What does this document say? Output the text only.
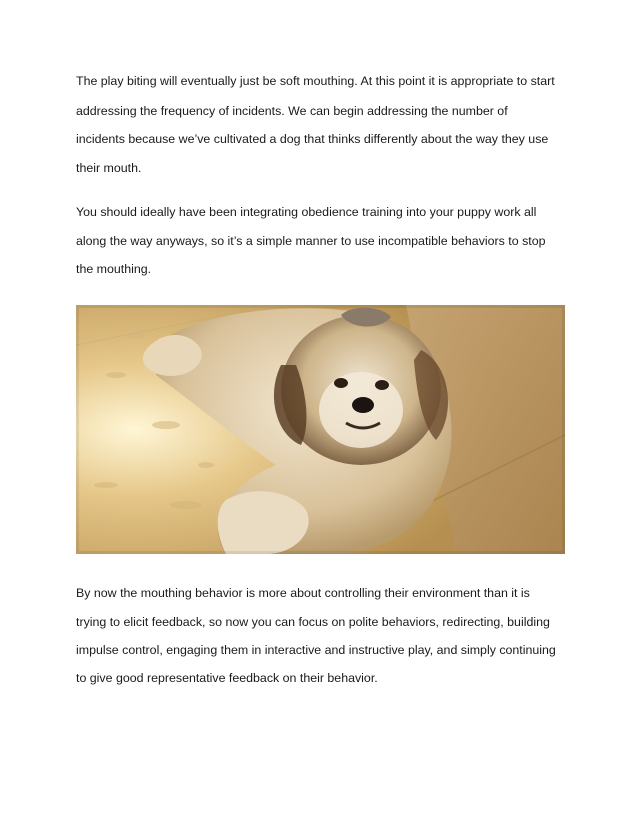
The play biting will eventually just be soft mouthing. At this point it is appropriate to start
addressing the frequency of incidents. We can begin addressing the number of
incidents because we’ve cultivated a dog that thinks differently about the way they use
their mouth.
You should ideally have been integrating obedience training into your puppy work all
along the way anyways, so it’s a simple manner to use incompatible behaviors to stop
the mouthing.
By now the mouthing behavior is more about controlling their environment than it is
trying to elicit feedback, so now you can focus on polite behaviors, redirecting, building
impulse control, engaging them in interactive and instructive play, and simply continuing
to give good representative feedback on their behavior.
